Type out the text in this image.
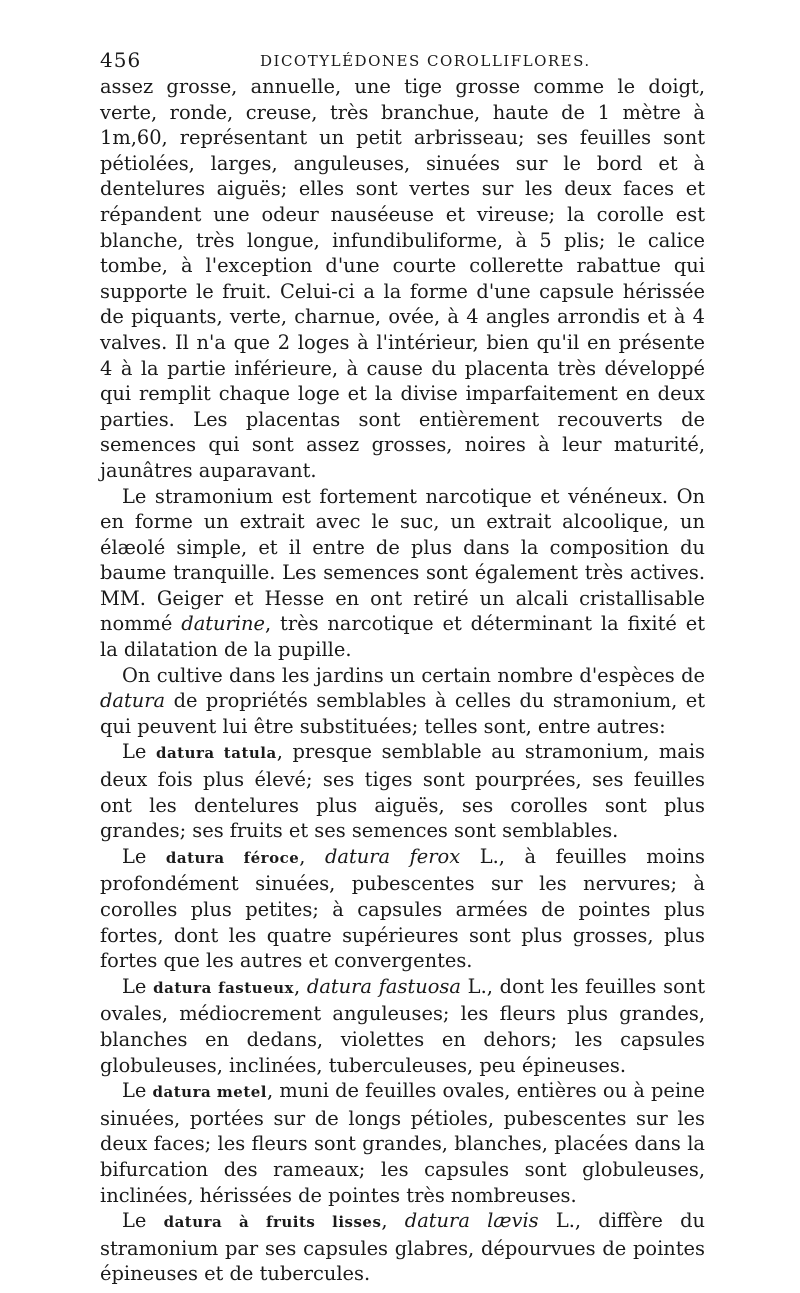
456	DICOTYLÉDONES COROLLIFLORES.

assez grosse, annuelle, une tige grosse comme le doigt, verte, ronde, creuse, très branchue, haute de 1 mètre à 1m,60, représentant un petit arbrisseau; ses feuilles sont pétiolées, larges, anguleuses, sinuées sur le bord et à dentelures aiguës; elles sont vertes sur les deux faces et répandent une odeur nauséeuse et vireuse; la corolle est blanche, très longue, infundibuliforme, à 5 plis; le calice tombe, à l'exception d'une courte collerette rabattue qui supporte le fruit. Celui-ci a la forme d'une capsule hérissée de piquants, verte, charnue, ovée, à 4 angles arrondis et à 4 valves. Il n'a que 2 loges à l'intérieur, bien qu'il en présente 4 à la partie inférieure, à cause du placenta très développé qui remplit chaque loge et la divise imparfaitement en deux parties. Les placentas sont entièrement recouverts de semences qui sont assez grosses, noires à leur maturité, jaunâtres auparavant.

Le stramonium est fortement narcotique et vénéneux. On en forme un extrait avec le suc, un extrait alcoolique, un élæolé simple, et il entre de plus dans la composition du baume tranquille. Les semences sont également très actives. MM. Geiger et Hesse en ont retiré un alcali cristallisable nommé daturine, très narcotique et déterminant la fixité et la dilatation de la pupille.

On cultive dans les jardins un certain nombre d'espèces de datura de propriétés semblables à celles du stramonium, et qui peuvent lui être substituées; telles sont, entre autres:

Le datura tatula, presque semblable au stramonium, mais deux fois plus élevé; ses tiges sont pourprées, ses feuilles ont les dentelures plus aiguës, ses corolles sont plus grandes; ses fruits et ses semences sont semblables.

Le datura féroce, datura ferox L., à feuilles moins profondément sinuées, pubescentes sur les nervures; à corolles plus petites; à capsules armées de pointes plus fortes, dont les quatre supérieures sont plus grosses, plus fortes que les autres et convergentes.

Le datura fastueux, datura fastuosa L., dont les feuilles sont ovales, médiocrement anguleuses; les fleurs plus grandes, blanches en dedans, violettes en dehors; les capsules globuleuses, inclinées, tuberculeuses, peu épineuses.

Le datura metel, muni de feuilles ovales, entières ou à peine sinuées, portées sur de longs pétioles, pubescentes sur les deux faces; les fleurs sont grandes, blanches, placées dans la bifurcation des rameaux; les capsules sont globuleuses, inclinées, hérissées de pointes très nombreuses.

Le datura à fruits lisses, datura lævis L., diffère du stramonium par ses capsules glabres, dépourvues de pointes épineuses et de tubercules.
